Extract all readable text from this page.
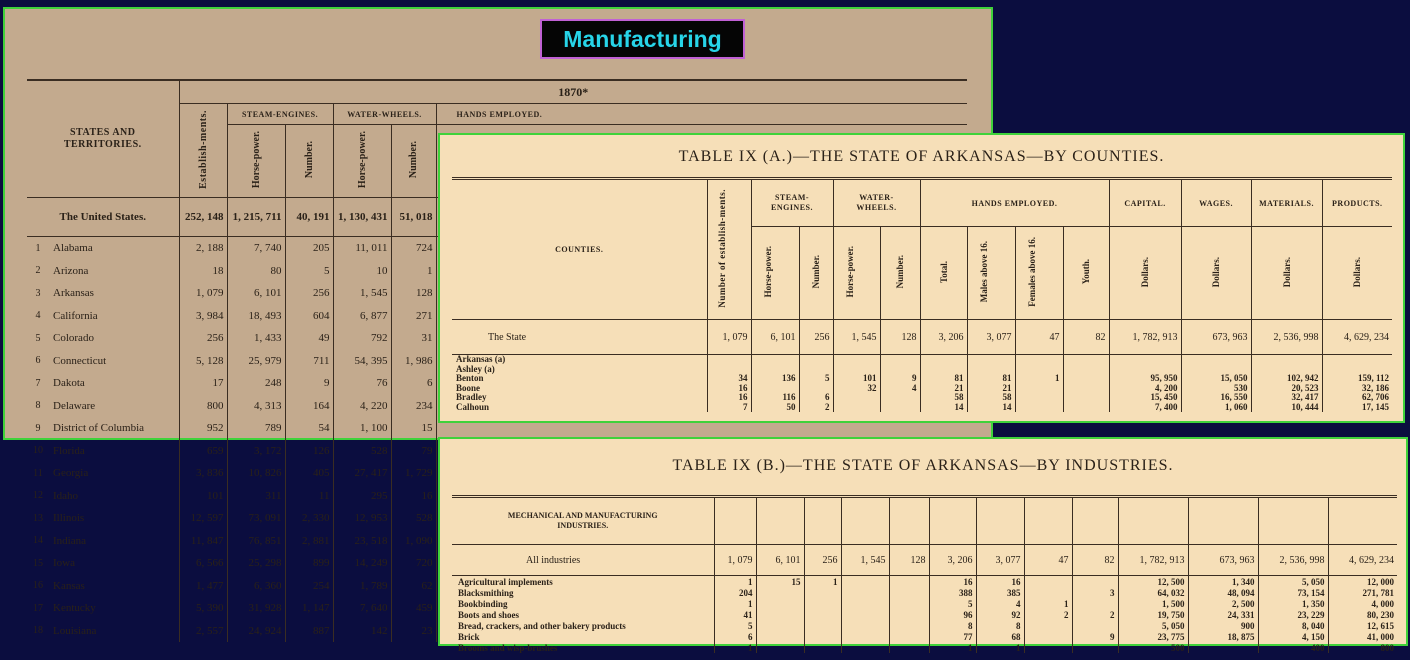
Manufacturing
STATES AND TERRITORIES.		1870*					
		Establish-ments.	STEAM-ENGINES.		WATER-WHEELS.		HANDS EMPLOYED.
			Horse-power.	Number.	Horse-power.	Number.	
The United States.		252, 148	1, 215, 711	40, 191	1, 130, 431	51, 018	
1	Alabama	2, 188	7, 740	205	11, 011	724	
2	Arizona	18	80	5	10	1	
3	Arkansas	1, 079	6, 101	256	1, 545	128	
4	California	3, 984	18, 493	604	6, 877	271	
5	Colorado	256	1, 433	49	792	31	
6	Connecticut	5, 128	25, 979	711	54, 395	1, 986	
7	Dakota	17	248	9	76	6	
8	Delaware	800	4, 313	164	4, 220	234	
9	District of Columbia	952	789	54	1, 100	15	
10	Florida	659	3, 172	126	528	79	
11	Georgia	3, 836	10, 826	405	27, 417	1, 729	
12	Idaho	101	311	11	295	16	
13	Illinois	12, 597	73, 091	2, 330	12, 953	528	
14	Indiana	11, 847	76, 851	2, 881	23, 518	1, 090	
15	Iowa	6, 566	25, 298	899	14, 249	720	
16	Kansas	1, 477	6, 360	254	1, 789	62	
17	Kentucky	5, 390	31, 928	1, 147	7, 640	459	
18	Louisiana	2, 557	24, 924	887	142	23	
TABLE IX (A.)—THE STATE OF ARKANSAS—BY COUNTIES.
COUNTIES.	Number of establish-ments.	STEAM-ENGINES.		WATER-WHEELS.		HANDS EMPLOYED.				CAPITAL.	WAGES.	MATERIALS.	PRODUCTS.
		Horse-power.	Number.	Horse-power.	Number.	Total.	Males above 16.	Females above 16.	Youth.	Dollars.	Dollars.	Dollars.	Dollars.
The State	1, 079	6, 101	256	1, 545	128	3, 206	3, 077	47	82	1, 782, 913	673, 963	2, 536, 998	4, 629, 234
Arkansas (a)													
Ashley (a)													
Benton	34	136	5	101	9	81	81	1		95, 950	15, 050	102, 942	159, 112
Boone	16			32	4	21	21			4, 200	530	20, 523	32, 186
Bradley	16	116	6			58	58			15, 450	16, 550	32, 417	62, 706
Calhoun	7	50	2			14	14			7, 400	1, 060	10, 444	17, 145
TABLE IX (B.)—THE STATE OF ARKANSAS—BY INDUSTRIES.
MECHANICAL AND MANUFACTURING INDUSTRIES.													

All industries	1, 079	6, 101	256	1, 545	128	3, 206	3, 077	47	82	1, 782, 913	673, 963	2, 536, 998	4, 629, 234
Agricultural implements	1	15	1			16	16			12, 500	1, 340	5, 050	12, 000
Blacksmithing	204					388	385		3	64, 032	48, 094	73, 154	271, 781
Bookbinding	1					5	4	1		1, 500	2, 500	1, 350	4, 000
Boots and shoes	41					96	92	2	2	19, 750	24, 331	23, 229	80, 230
Bread, crackers, and other bakery products	5					8	8			5, 050	900	8, 040	12, 615
Brick	6					77	68		9	23, 775	18, 875	4, 150	41, 000
Brooms and wisp-brushes	1					1	1			500		400	800
